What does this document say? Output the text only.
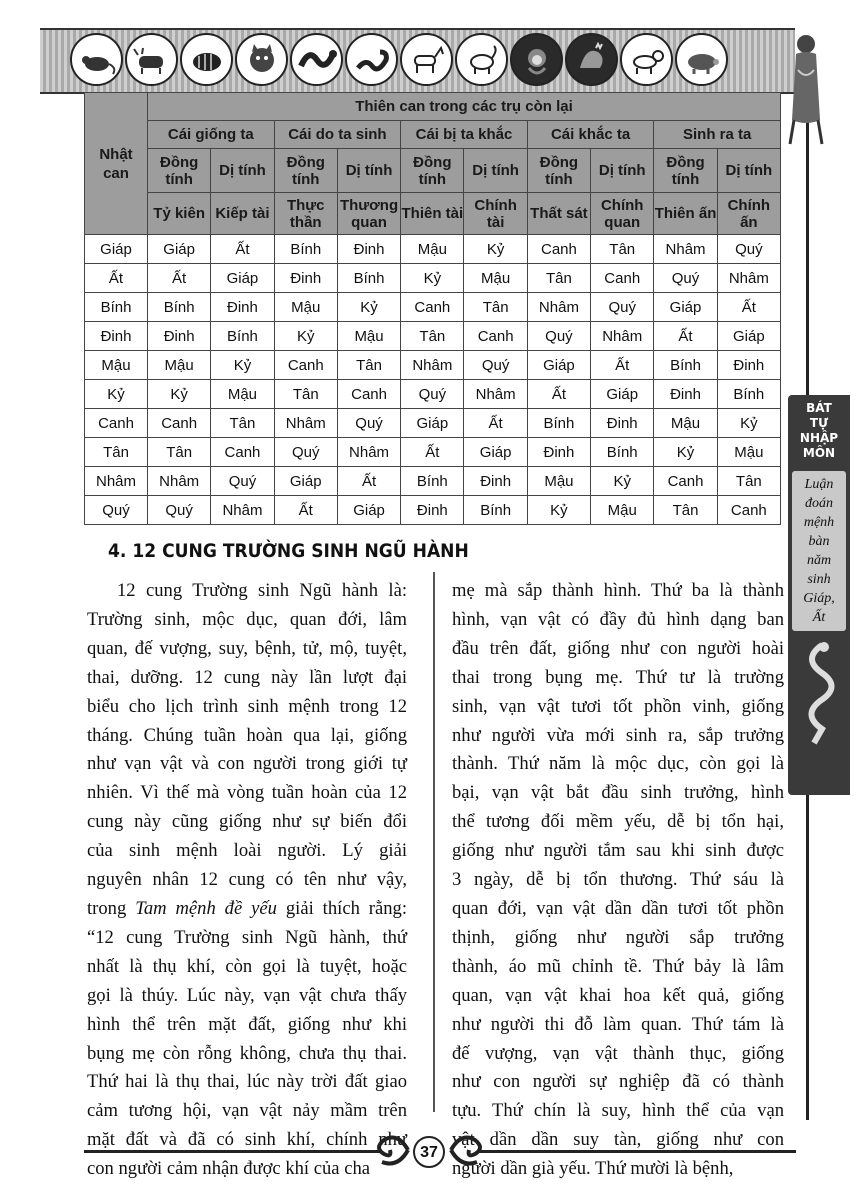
BÁT
TỰ
NHẬP
MÔN
Luận
đoán
mệnh
bàn
năm
sinh
Giáp,
Ất
Nhật can	Thiên can trong các trụ còn lại									
	Cái giống ta		Cái do ta sinh		Cái bị ta khắc		Cái khắc ta		Sinh ra ta	
	Đồng tính	Dị tính	Đồng tính	Dị tính	Đồng tính	Dị tính	Đồng tính	Dị tính	Đồng tính	Dị tính
	Tỷ kiên	Kiếp tài	Thực thần	Thương quan	Thiên tài	Chính tài	Thất sát	Chính quan	Thiên ấn	Chính ấn
Giáp	Giáp	Ất	Bính	Đinh	Mậu	Kỷ	Canh	Tân	Nhâm	Quý
Ất	Ất	Giáp	Đinh	Bính	Kỷ	Mậu	Tân	Canh	Quý	Nhâm
Bính	Bính	Đinh	Mậu	Kỷ	Canh	Tân	Nhâm	Quý	Giáp	Ất
Đinh	Đinh	Bính	Kỷ	Mậu	Tân	Canh	Quý	Nhâm	Ất	Giáp
Mậu	Mậu	Kỷ	Canh	Tân	Nhâm	Quý	Giáp	Ất	Bính	Đinh
Kỷ	Kỷ	Mậu	Tân	Canh	Quý	Nhâm	Ất	Giáp	Đinh	Bính
Canh	Canh	Tân	Nhâm	Quý	Giáp	Ất	Bính	Đinh	Mậu	Kỷ
Tân	Tân	Canh	Quý	Nhâm	Ất	Giáp	Đinh	Bính	Kỷ	Mậu
Nhâm	Nhâm	Quý	Giáp	Ất	Bính	Đinh	Mậu	Kỷ	Canh	Tân
Quý	Quý	Nhâm	Ất	Giáp	Đinh	Bính	Kỷ	Mậu	Tân	Canh
4. 12 CUNG TRƯỜNG SINH NGŨ HÀNH

12 cung Trường sinh Ngũ hành là:
Trường sinh, mộc dục, quan đới, lâm
quan, đế vượng, suy, bệnh, tử, mộ, tuyệt,
thai, dưỡng. 12 cung này lần lượt đại
biểu cho lịch trình sinh mệnh trong 12
tháng. Chúng tuần hoàn qua lại, giống
như vạn vật và con người trong giới tự
nhiên. Vì thế mà vòng tuần hoàn của 12
cung này cũng giống như sự biến đổi
của sinh mệnh loài người. Lý giải
nguyên nhân 12 cung có tên như vậy,
trong Tam mệnh đề yếu giải thích rằng:
“12 cung Trường sinh Ngũ hành, thứ
nhất là thụ khí, còn gọi là tuyệt, hoặc
gọi là thúy. Lúc này, vạn vật chưa thấy
hình thể trên mặt đất, giống như khi
bụng mẹ còn rỗng không, chưa thụ thai.
Thứ hai là thụ thai, lúc này trời đất giao
cảm tương hội, vạn vật nảy mầm trên
mặt đất và đã có sinh khí, chính như
con người cảm nhận được khí của cha

mẹ mà sắp thành hình. Thứ ba là thành
hình, vạn vật có đầy đủ hình dạng ban
đầu trên đất, giống như con người hoài
thai trong bụng mẹ. Thứ tư là trường
sinh, vạn vật tươi tốt phồn vinh, giống
như người vừa mới sinh ra, sắp trưởng
thành. Thứ năm là mộc dục, còn gọi là
bại, vạn vật bắt đầu sinh trưởng, hình
thể tương đối mềm yếu, dễ bị tổn hại,
giống như người tắm sau khi sinh được
3 ngày, dễ bị tổn thương. Thứ sáu là
quan đới, vạn vật dần dần tươi tốt phồn
thịnh, giống như người sắp trưởng
thành, áo mũ chỉnh tề. Thứ bảy là lâm
quan, vạn vật khai hoa kết quả, giống
như người thi đỗ làm quan. Thứ tám là
đế vượng, vạn vật thành thục, giống
như con người sự nghiệp đã có thành
tựu. Thứ chín là suy, hình thể của vạn
vật dần dần suy tàn, giống như con
người dần già yếu. Thứ mười là bệnh,

37
